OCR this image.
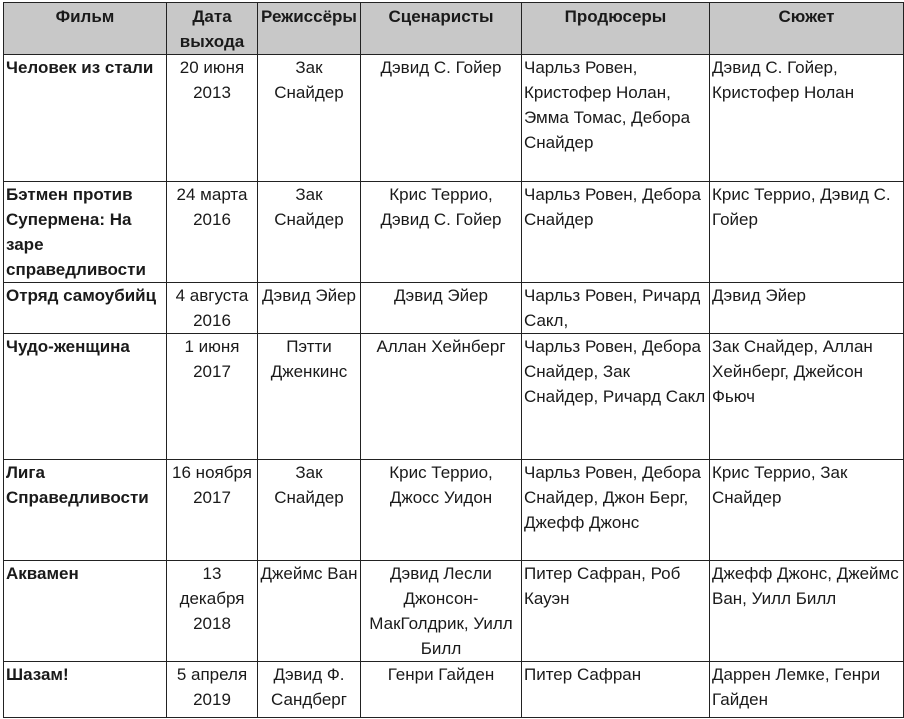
Фильм	Дата выхода	Режиссёры	Сценаристы	Продюсеры	Сюжет
Человек из стали	20 июня 2013	Зак Снайдер	Дэвид С. Гойер	Чарльз Ровен, Кристофер Нолан, Эмма Томас, Дебора Снайдер	Дэвид С. Гойер, Кристофер Нолан
Бэтмен против Супермена: На заре справедливости	24 марта 2016	Зак Снайдер	Крис Террио, Дэвид С. Гойер	Чарльз Ровен, Дебора Снайдер	Крис Террио, Дэвид С. Гойер
Отряд самоубийц	4 августа 2016	Дэвид Эйер	Дэвид Эйер	Чарльз Ровен, Ричард Сакл,	Дэвид Эйер
Чудо-женщина	1 июня 2017	Пэтти Дженкинс	Аллан Хейнберг	Чарльз Ровен, Дебора Снайдер, Зак Снайдер, Ричард Сакл	Зак Снайдер, Аллан Хейнберг, Джейсон Фьюч
Лига Справедливости	16 ноября 2017	Зак Снайдер	Крис Террио, Джосс Уидон	Чарльз Ровен, Дебора Снайдер, Джон Берг, Джефф Джонс	Крис Террио, Зак Снайдер
Аквамен	13 декабря 2018	Джеймс Ван	Дэвид Лесли Джонсон-МакГолдрик, Уилл Билл	Питер Сафран, Роб Кауэн	Джефф Джонс, Джеймс Ван, Уилл Билл
Шазам!	5 апреля 2019	Дэвид Ф. Сандберг	Генри Гайден	Питер Сафран	Даррен Лемке, Генри Гайден
